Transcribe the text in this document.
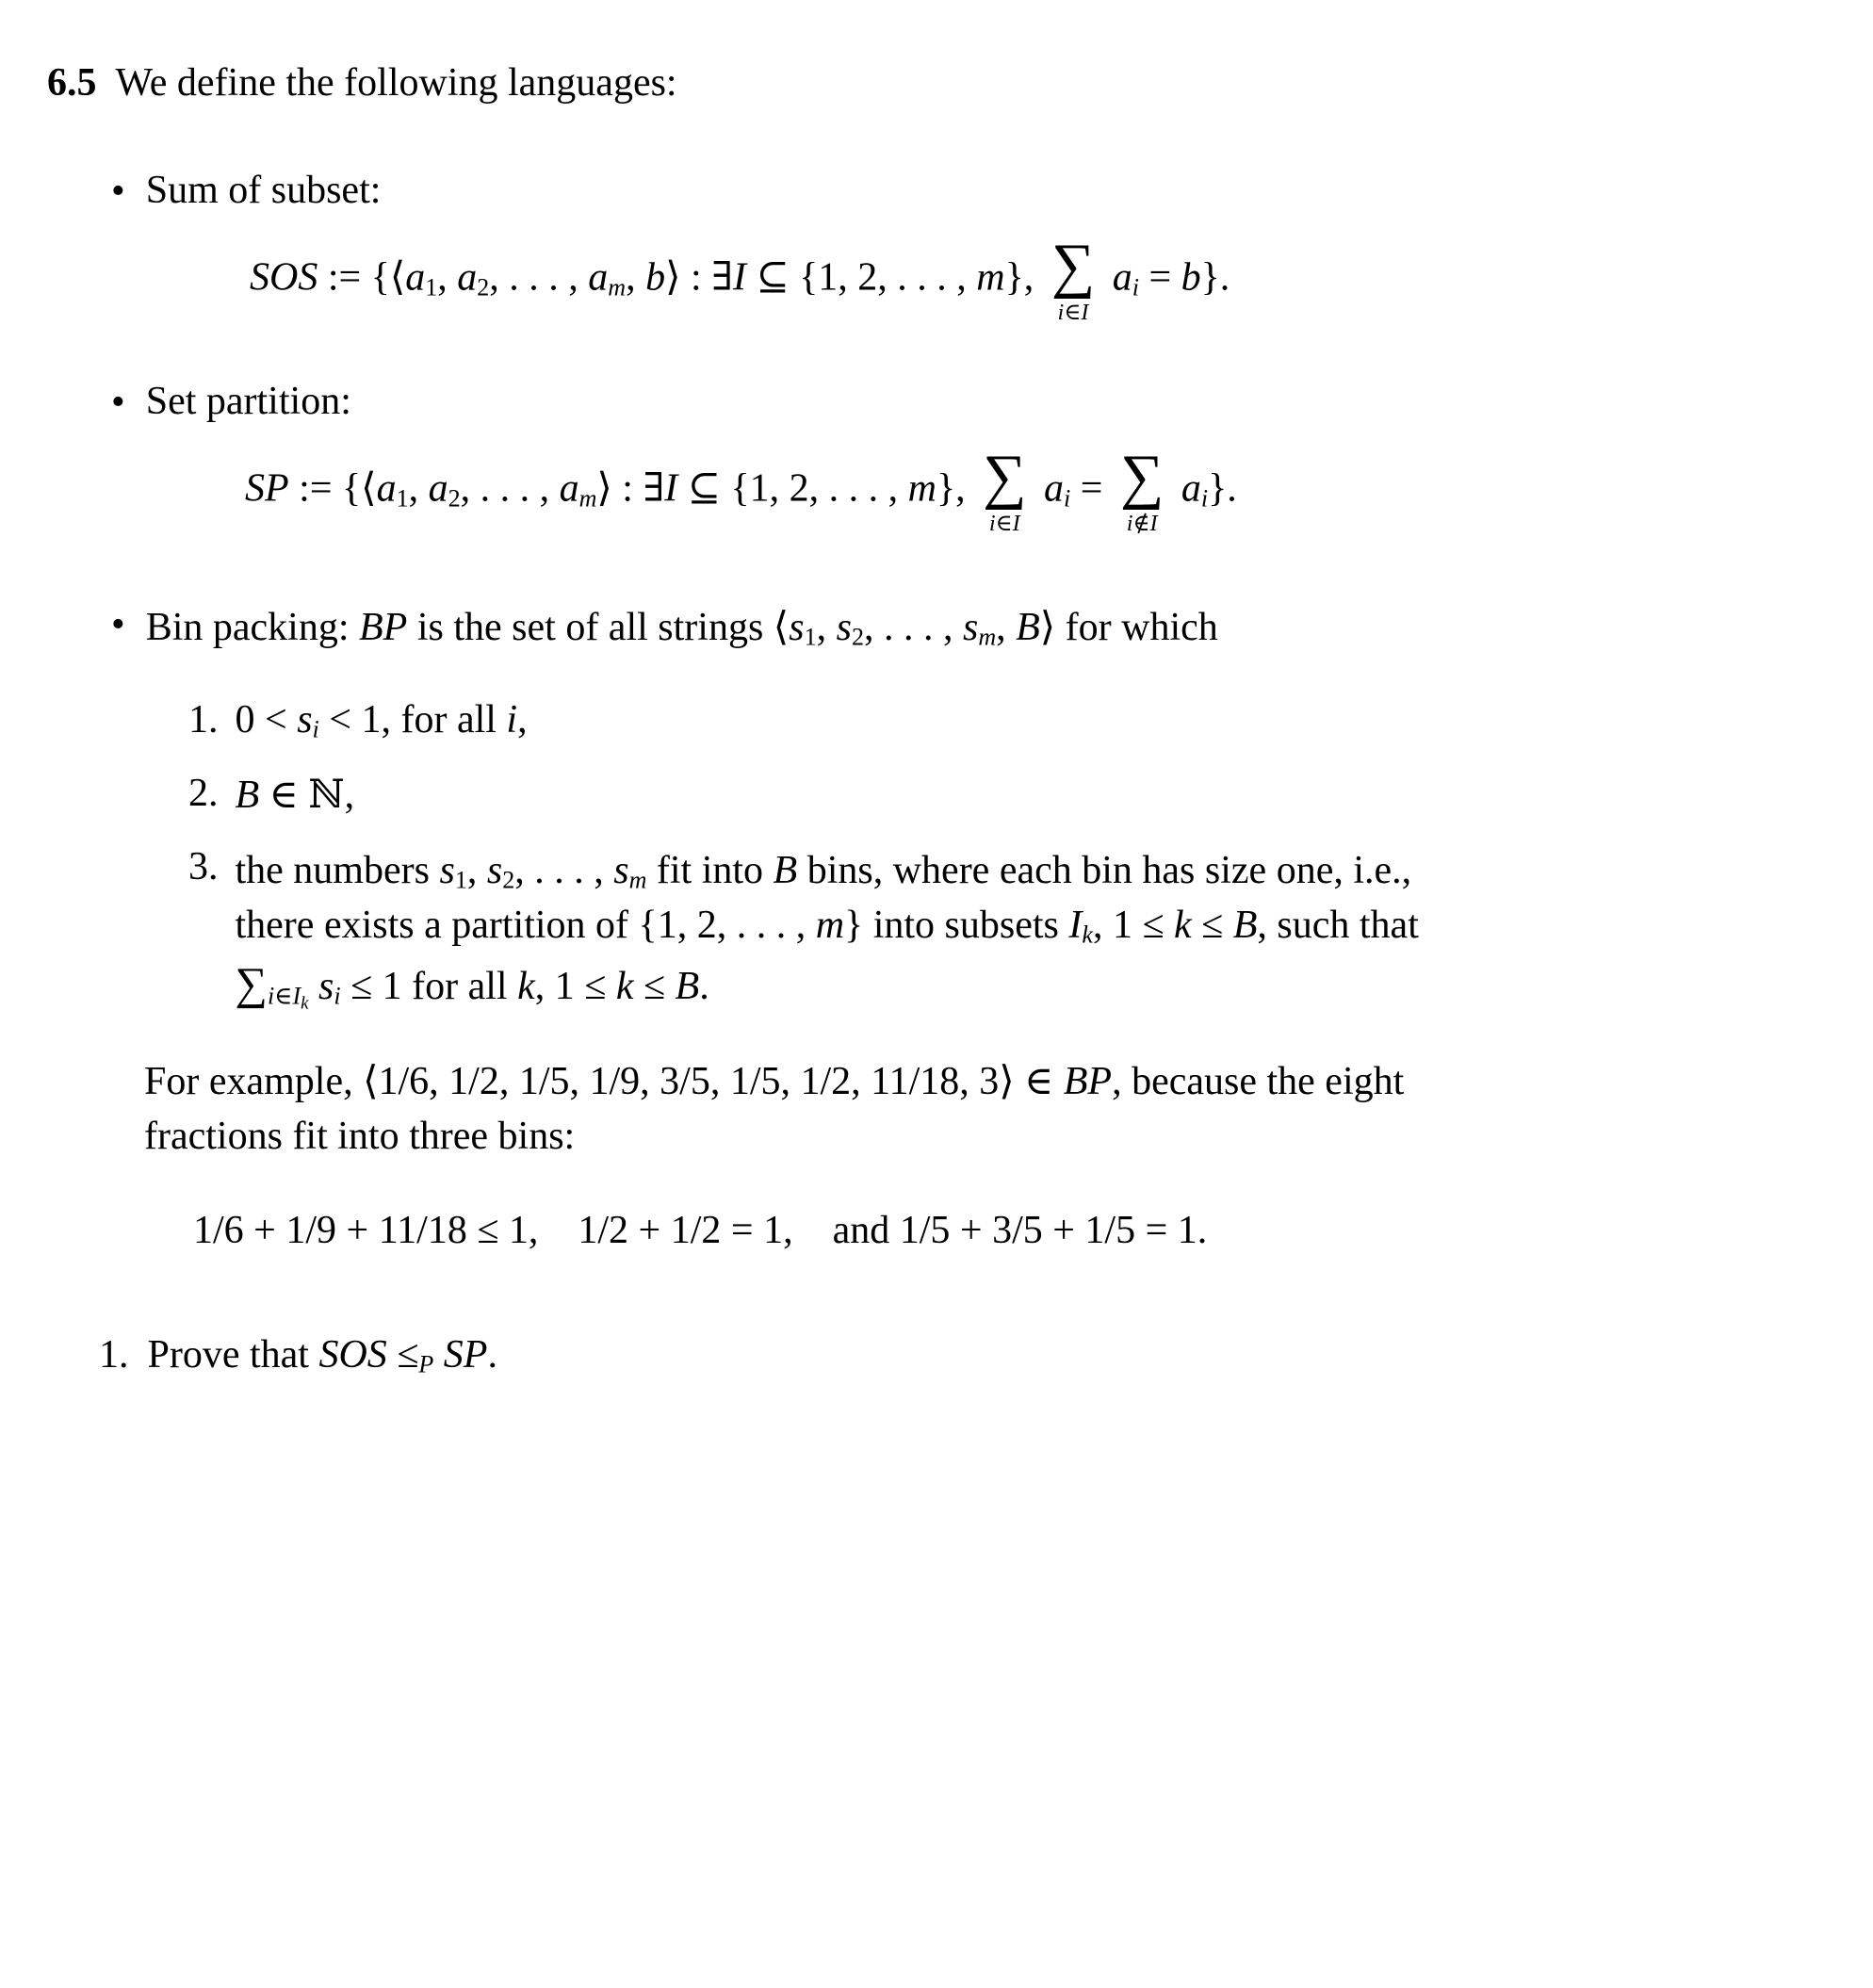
6.5 We define the following languages:
• Sum of subset:
SOS := {⟨a1, a2, . . . , am, b⟩ : ∃I ⊆ {1, 2, . . . , m}, ∑
i∈I
ai = b}.
• Set partition:
SP := {⟨a1, a2, . . . , am⟩ : ∃I ⊆ {1, 2, . . . , m}, ∑
i∈I
ai = ∑
i∉I
ai}.
• Bin packing: BP is the set of all strings ⟨s1, s2, . . . , sm, B⟩ for which
1. 0 < si < 1, for all i,
2. B ∈ ℕ,
3. the numbers s1, s2, . . . , sm fit into B bins, where each bin has size one, i.e., there exists a partition of {1, 2, . . . , m} into subsets Ik, 1 ≤ k ≤ B, such that $\sum i\in I_k$ si ≤ 1 for all k, 1 ≤ k ≤ B.
For example, ⟨1/6, 1/2, 1/5, 1/9, 3/5, 1/5, 1/2, 11/18, 3⟩ ∈ BP, because the eight fractions fit into three bins:
1/6 + 1/9 + 11/18 ≤ 1,   1/2 + 1/2 = 1,   and 1/5 + 3/5 + 1/5 = 1.
1. Prove that SOS ≤P SP.
